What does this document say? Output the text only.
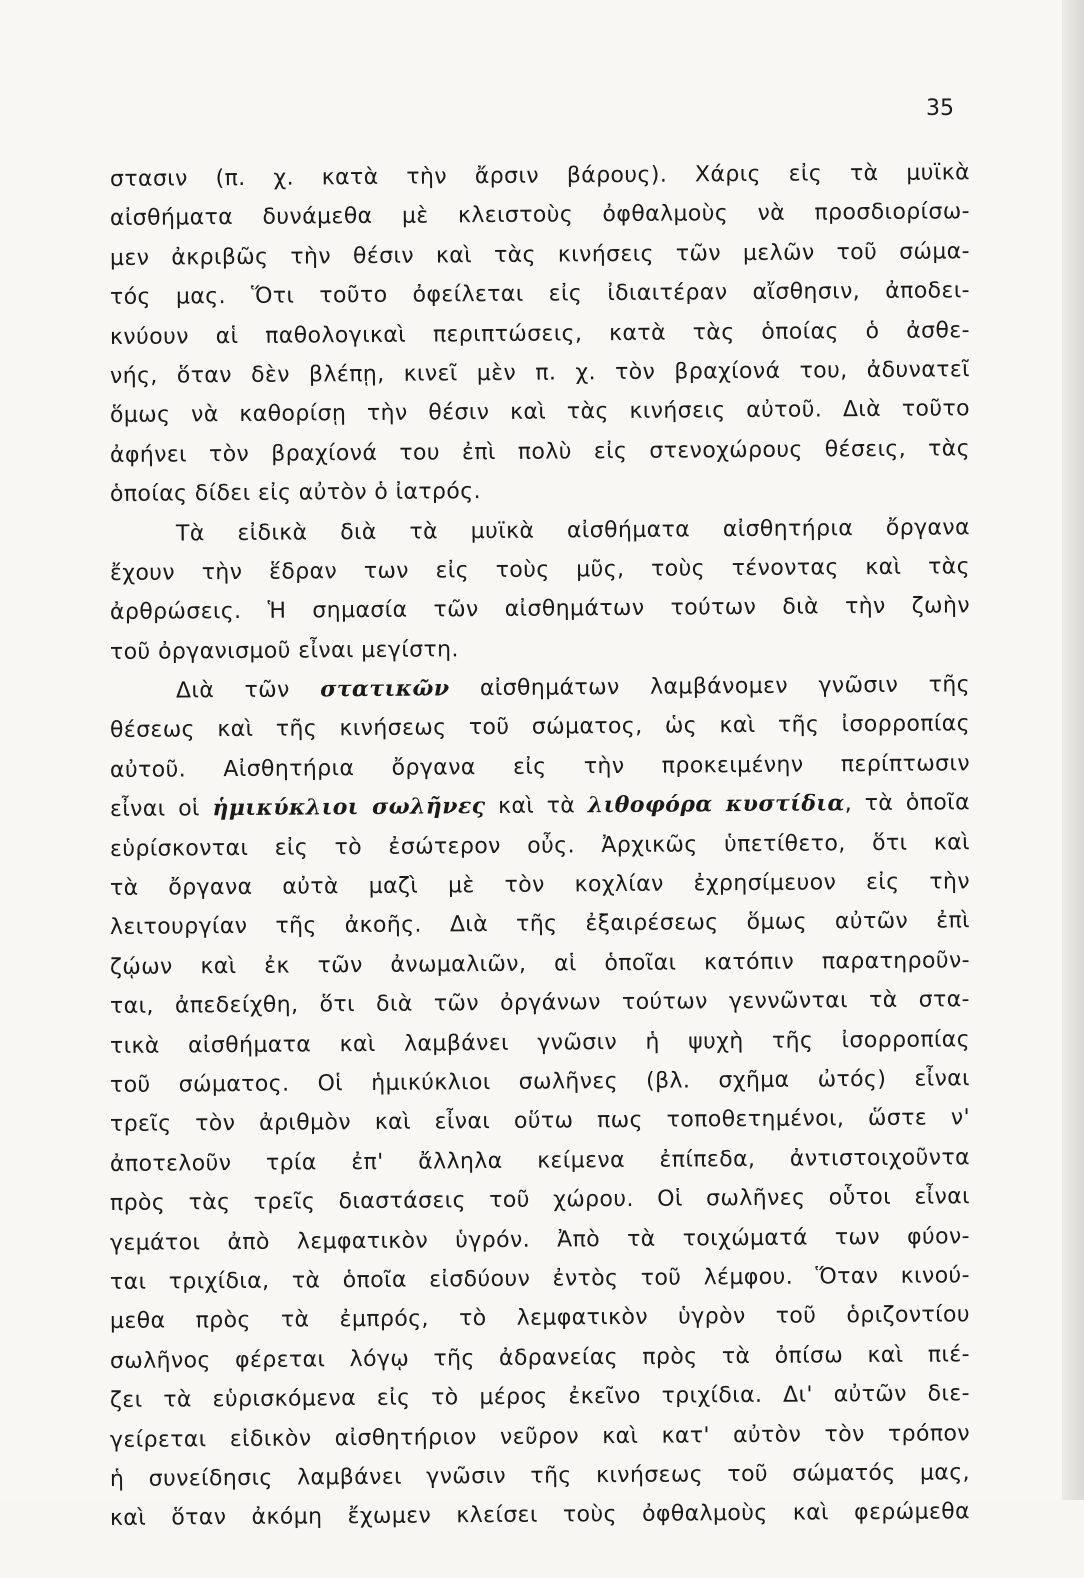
35
στασιν (π. χ. κατὰ τὴν ἄρσιν βάρους). Χάρις εἰς τὰ μυϊκὰ
αἰσθήματα δυνάμεθα μὲ κλειστοὺς ὀφθαλμοὺς νὰ προσδιορίσω-
μεν ἀκριβῶς τὴν θέσιν καὶ τὰς κινήσεις τῶν μελῶν τοῦ σώμα-
τός μας. Ὅτι τοῦτο ὀφείλεται εἰς ἰδιαιτέραν αἴσθησιν, ἀποδει-
κνύουν αἱ παθολογικαὶ περιπτώσεις, κατὰ τὰς ὁποίας ὁ ἀσθε-
νής, ὅταν δὲν βλέπῃ, κινεῖ μὲν π. χ. τὸν βραχίονά του, ἀδυνατεῖ
ὅμως νὰ καθορίσῃ τὴν θέσιν καὶ τὰς κινήσεις αὐτοῦ. Διὰ τοῦτο
ἀφήνει τὸν βραχίονά του ἐπὶ πολὺ εἰς στενοχώρους θέσεις, τὰς
ὁποίας δίδει εἰς αὐτὸν ὁ ἰατρός.
Τὰ εἰδικὰ διὰ τὰ μυϊκὰ αἰσθήματα αἰσθητήρια ὄργανα
ἔχουν τὴν ἕδραν των εἰς τοὺς μῦς, τοὺς τένοντας καὶ τὰς
ἀρθρώσεις. Ἡ σημασία τῶν αἰσθημάτων τούτων διὰ τὴν ζωὴν
τοῦ ὀργανισμοῦ εἶναι μεγίστη.
Διὰ τῶν στατικῶν αἰσθημάτων λαμβάνομεν γνῶσιν τῆς
θέσεως καὶ τῆς κινήσεως τοῦ σώματος, ὡς καὶ τῆς ἰσορροπίας
αὐτοῦ. Αἰσθητήρια ὄργανα εἰς τὴν προκειμένην περίπτωσιν
εἶναι οἱ ἡμικύκλιοι σωλῆνες καὶ τὰ λιθοφόρα κυστίδια, τὰ ὁποῖα
εὑρίσκονται εἰς τὸ ἐσώτερον οὖς. Ἀρχικῶς ὑπετίθετο, ὅτι καὶ
τὰ ὄργανα αὐτὰ μαζὶ μὲ τὸν κοχλίαν ἐχρησίμευον εἰς τὴν
λειτουργίαν τῆς ἀκοῆς. Διὰ τῆς ἐξαιρέσεως ὅμως αὐτῶν ἐπὶ
ζῴων καὶ ἐκ τῶν ἀνωμαλιῶν, αἱ ὁποῖαι κατόπιν παρατηροῦν-
ται, ἀπεδείχθη, ὅτι διὰ τῶν ὀργάνων τούτων γεννῶνται τὰ στα-
τικὰ αἰσθήματα καὶ λαμβάνει γνῶσιν ἡ ψυχὴ τῆς ἰσορροπίας
τοῦ σώματος. Οἱ ἡμικύκλιοι σωλῆνες (βλ. σχῆμα ὠτός) εἶναι
τρεῖς τὸν ἀριθμὸν καὶ εἶναι οὕτω πως τοποθετημένοι, ὥστε ν'
ἀποτελοῦν τρία ἐπ' ἄλληλα κείμενα ἐπίπεδα, ἀντιστοιχοῦντα
πρὸς τὰς τρεῖς διαστάσεις τοῦ χώρου. Οἱ σωλῆνες οὗτοι εἶναι
γεμάτοι ἀπὸ λεμφατικὸν ὑγρόν. Ἀπὸ τὰ τοιχώματά των φύον-
ται τριχίδια, τὰ ὁποῖα εἰσδύουν ἐντὸς τοῦ λέμφου. Ὅταν κινού-
μεθα πρὸς τὰ ἐμπρός, τὸ λεμφατικὸν ὑγρὸν τοῦ ὁριζοντίου
σωλῆνος φέρεται λόγῳ τῆς ἀδρανείας πρὸς τὰ ὀπίσω καὶ πιέ-
ζει τὰ εὑρισκόμενα εἰς τὸ μέρος ἐκεῖνο τριχίδια. Δι' αὐτῶν διε-
γείρεται εἰδικὸν αἰσθητήριον νεῦρον καὶ κατ' αὐτὸν τὸν τρόπον
ἡ συνείδησις λαμβάνει γνῶσιν τῆς κινήσεως τοῦ σώματός μας,
καὶ ὅταν ἀκόμη ἔχωμεν κλείσει τοὺς ὀφθαλμοὺς καὶ φερώμεθα
